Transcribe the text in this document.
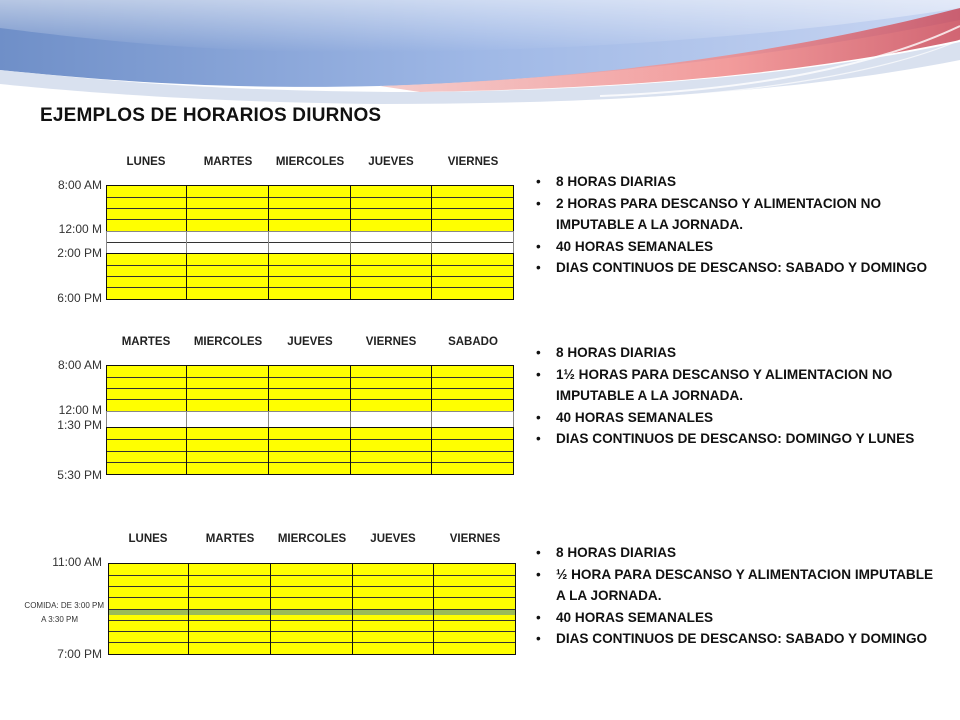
EJEMPLOS DE HORARIOS DIURNOS
LUNES	MARTES	MIERCOLES	JUEVES	VIERNES
8:00 AM
12:00 M
2:00 PM
6:00 PM
• 8 HORAS DIARIAS
• 2 HORAS PARA DESCANSO Y ALIMENTACION NO IMPUTABLE A LA JORNADA.
• 40 HORAS SEMANALES
• DIAS CONTINUOS DE DESCANSO: SABADO Y DOMINGO
MARTES	MIERCOLES	JUEVES	VIERNES	SABADO
8:00 AM
12:00 M
1:30 PM
5:30 PM
• 8 HORAS DIARIAS
• 1½ HORAS PARA DESCANSO Y ALIMENTACION NO IMPUTABLE A LA JORNADA.
• 40 HORAS SEMANALES
• DIAS CONTINUOS DE DESCANSO: DOMINGO Y LUNES
LUNES	MARTES	MIERCOLES	JUEVES	VIERNES
11:00 AM
COMIDA: DE 3:00 PM
A 3:30 PM
7:00 PM
• 8 HORAS DIARIAS
• ½ HORA PARA DESCANSO Y ALIMENTACION IMPUTABLE A LA JORNADA.
• 40 HORAS SEMANALES
• DIAS CONTINUOS DE DESCANSO: SABADO Y DOMINGO
